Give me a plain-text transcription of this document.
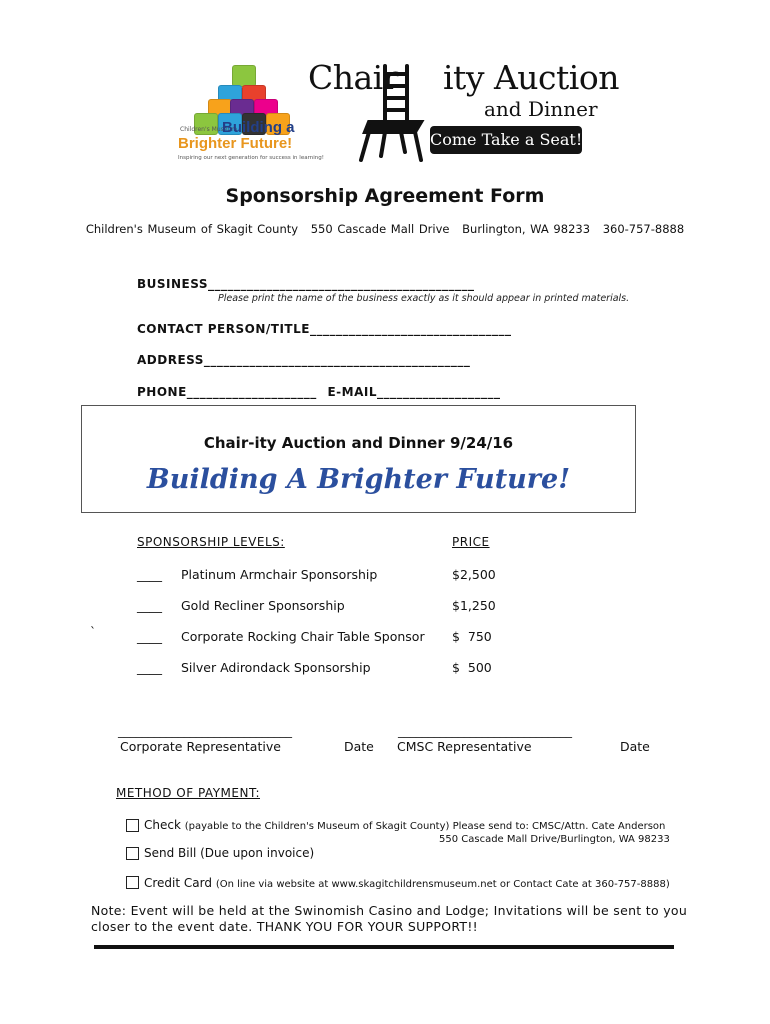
Children's Museum
Building a
Brighter Future!
Inspiring our next generation for success in learning!
Chair ity Auction
and Dinner
Come Take a Seat!
Sponsorship Agreement Form
Children's Museum of Skagit County 550 Cascade Mall Drive Burlington, WA 98233 360-757-8888
BUSINESS_________________________________________
Please print the name of the business exactly as it should appear in printed materials.
CONTACT PERSON/TITLE_______________________________
ADDRESS_________________________________________
PHONE____________________ E-MAIL___________________
Chair-ity Auction and Dinner 9/24/16
Building A Brighter Future!
SPONSORSHIP LEVELS:	PRICE
____ Platinum Armchair Sponsorship	$2,500
____ Gold Recliner Sponsorship	$1,250
____ Corporate Rocking Chair Table Sponsor $  750
____ Silver Adirondack Sponsorship	$  500
`
_____________________________	_____________________________
Corporate Representative	Date CMSC Representative	Date
METHOD OF PAYMENT:
Check (payable to the Children's Museum of Skagit County) Please send to: CMSC/Attn. Cate Anderson
550 Cascade Mall Drive/Burlington, WA 98233
Send Bill (Due upon invoice)
Credit Card (On line via website at www.skagitchildrensmuseum.net or Contact Cate at 360-757-8888)
Note: Event will be held at the Swinomish Casino and Lodge; Invitations will be sent to you closer to the event date. THANK YOU FOR YOUR SUPPORT!!
